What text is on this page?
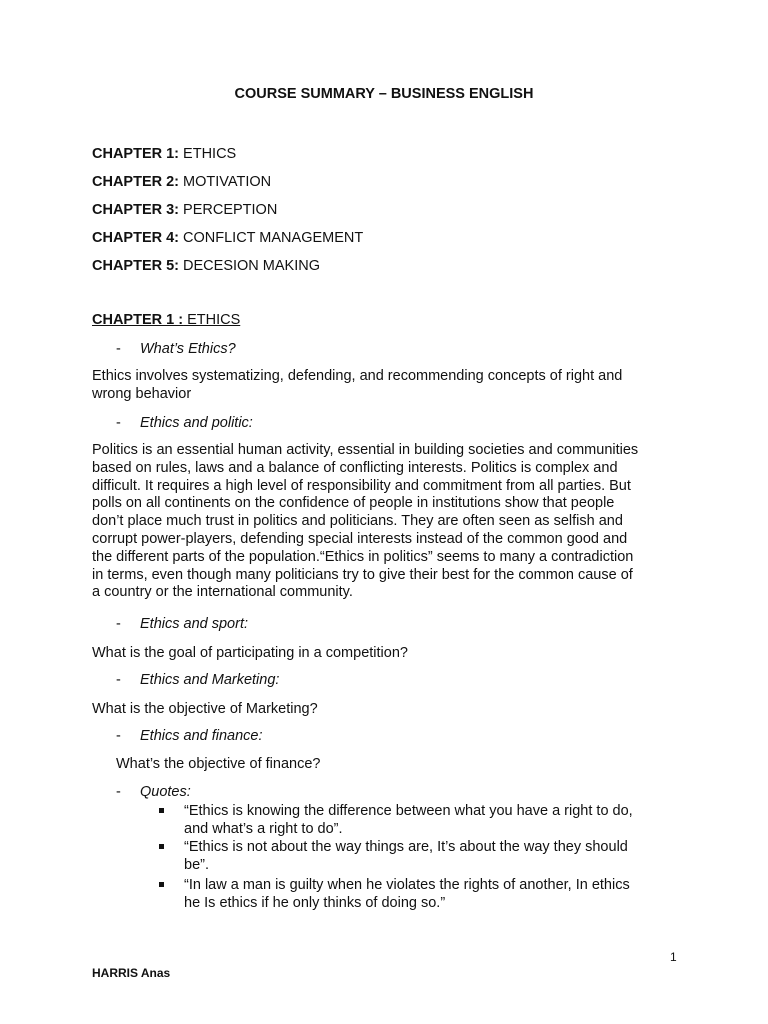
COURSE SUMMARY – BUSINESS ENGLISH
CHAPTER 1: ETHICS
CHAPTER 2: MOTIVATION
CHAPTER 3: PERCEPTION
CHAPTER 4: CONFLICT MANAGEMENT
CHAPTER 5: DECESION MAKING
CHAPTER 1 : ETHICS
- What’s Ethics?
Ethics involves systematizing, defending, and recommending concepts of right and
wrong behavior
- Ethics and politic:
Politics is an essential human activity, essential in building societies and communities
based on rules, laws and a balance of conflicting interests. Politics is complex and
difficult. It requires a high level of responsibility and commitment from all parties. But
polls on all continents on the confidence of people in institutions show that people
don’t place much trust in politics and politicians. They are often seen as selfish and
corrupt power-players, defending special interests instead of the common good and
the different parts of the population.“Ethics in politics” seems to many a contradiction
in terms, even though many politicians try to give their best for the common cause of
a country or the international community.
- Ethics and sport:
What is the goal of participating in a competition?
- Ethics and Marketing:
What is the objective of Marketing?
- Ethics and finance:
What’s the objective of finance?
- Quotes:
“Ethics is knowing the difference between what you have a right to do,
and what’s a right to do”.
“Ethics is not about the way things are, It’s about the way they should
be”.
“In law a man is guilty when he violates the rights of another, In ethics
he Is ethics if he only thinks of doing so.”
1
HARRIS Anas
